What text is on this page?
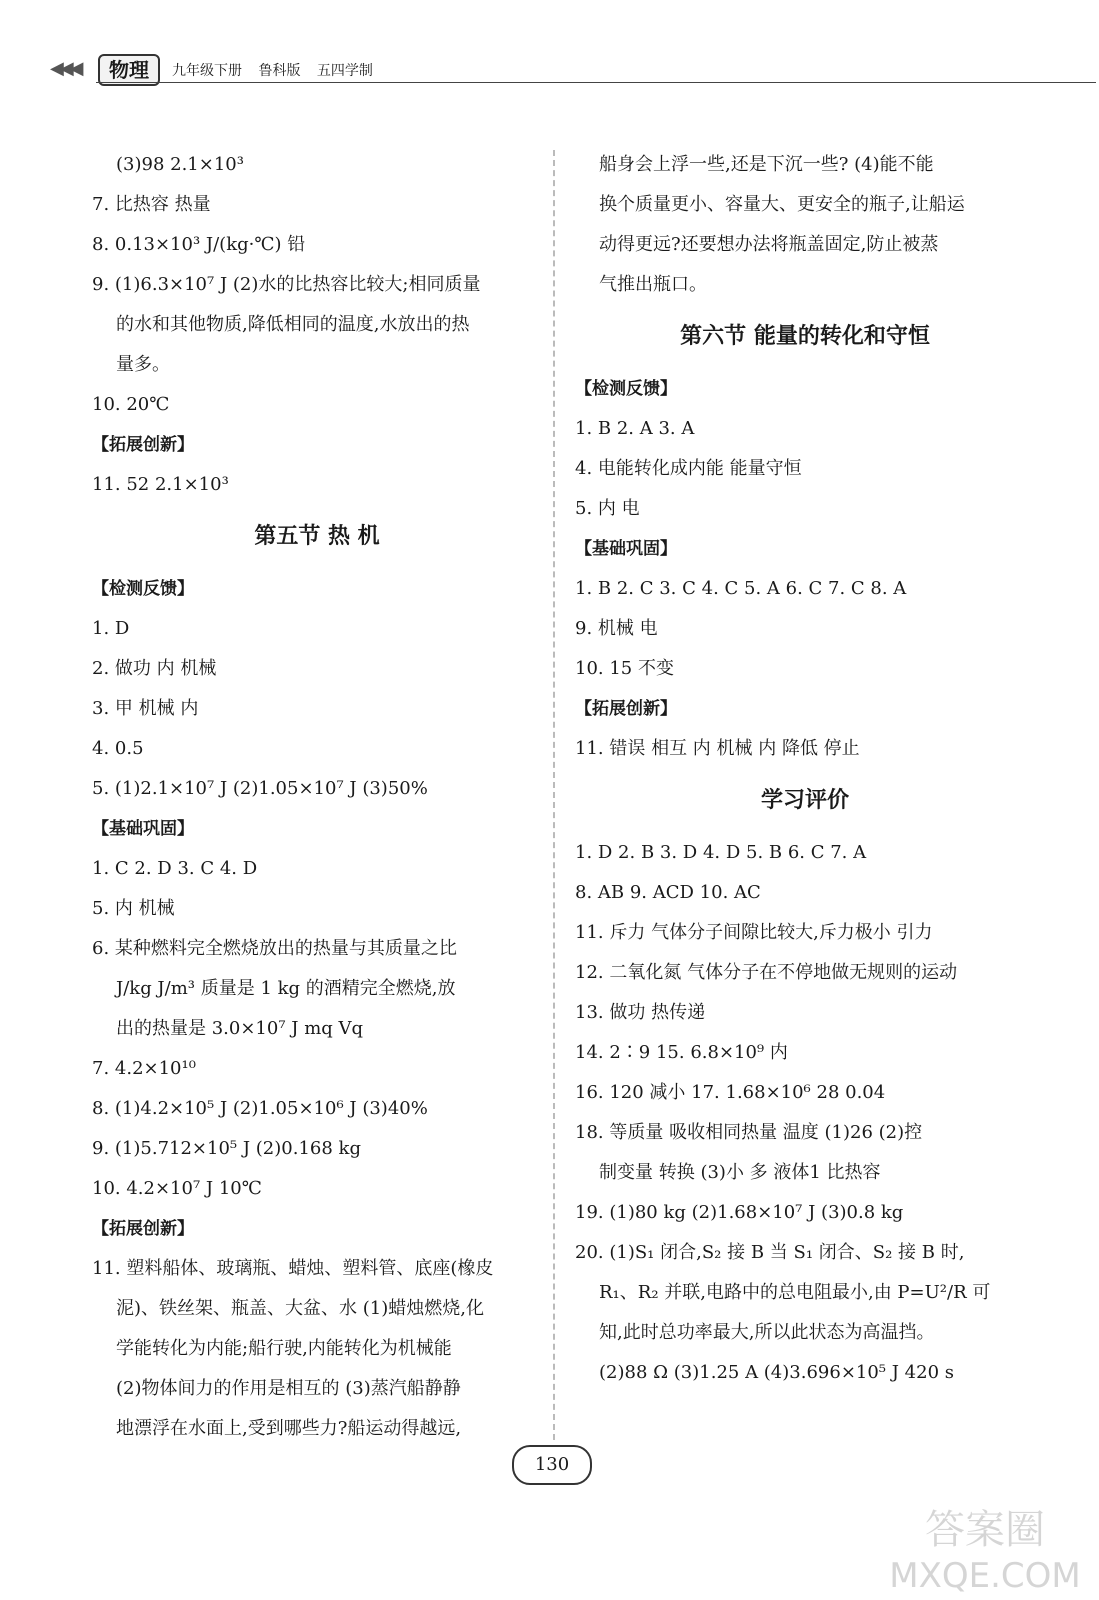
◀◀◀	物理	九年级下册 鲁科版 五四学制
(3)98 2.1×10³
7. 比热容 热量
8. 0.13×10³ J/(kg·℃) 铅
9. (1)6.3×10⁷ J (2)水的比热容比较大;相同质量
的水和其他物质,降低相同的温度,水放出的热
量多。
10. 20℃
【拓展创新】
11. 52 2.1×10³
第五节 热 机
【检测反馈】
1. D
2. 做功 内 机械
3. 甲 机械 内
4. 0.5
5. (1)2.1×10⁷ J (2)1.05×10⁷ J (3)50%
【基础巩固】
1. C 2. D 3. C 4. D
5. 内 机械
6. 某种燃料完全燃烧放出的热量与其质量之比
J/kg J/m³ 质量是 1 kg 的酒精完全燃烧,放
出的热量是 3.0×10⁷ J mq Vq
7. 4.2×10¹⁰
8. (1)4.2×10⁵ J (2)1.05×10⁶ J (3)40%
9. (1)5.712×10⁵ J (2)0.168 kg
10. 4.2×10⁷ J 10℃
【拓展创新】
11. 塑料船体、玻璃瓶、蜡烛、塑料管、底座(橡皮
泥)、铁丝架、瓶盖、大盆、水 (1)蜡烛燃烧,化
学能转化为内能;船行驶,内能转化为机械能
(2)物体间力的作用是相互的 (3)蒸汽船静静
地漂浮在水面上,受到哪些力?船运动得越远,
船身会上浮一些,还是下沉一些? (4)能不能
换个质量更小、容量大、更安全的瓶子,让船运
动得更远?还要想办法将瓶盖固定,防止被蒸
气推出瓶口。
第六节 能量的转化和守恒
【检测反馈】
1. B 2. A 3. A
4. 电能转化成内能 能量守恒
5. 内 电
【基础巩固】
1. B 2. C 3. C 4. C 5. A 6. C 7. C 8. A
9. 机械 电
10. 15 不变
【拓展创新】
11. 错误 相互 内 机械 内 降低 停止
学习评价
1. D 2. B 3. D 4. D 5. B 6. C 7. A
8. AB 9. ACD 10. AC
11. 斥力 气体分子间隙比较大,斥力极小 引力
12. 二氧化氮 气体分子在不停地做无规则的运动
13. 做功 热传递
14. 2∶9 15. 6.8×10⁹ 内
16. 120 减小 17. 1.68×10⁶ 28 0.04
18. 等质量 吸收相同热量 温度 (1)26 (2)控
制变量 转换 (3)小 多 液体1 比热容
19. (1)80 kg (2)1.68×10⁷ J (3)0.8 kg
20. (1)S₁ 闭合,S₂ 接 B 当 S₁ 闭合、S₂ 接 B 时,
R₁、R₂ 并联,电路中的总电阻最小,由 P=U²/R 可
知,此时总功率最大,所以此状态为高温挡。
(2)88 Ω (3)1.25 A (4)3.696×10⁵ J 420 s
130
答案圈
MXQE.COM
